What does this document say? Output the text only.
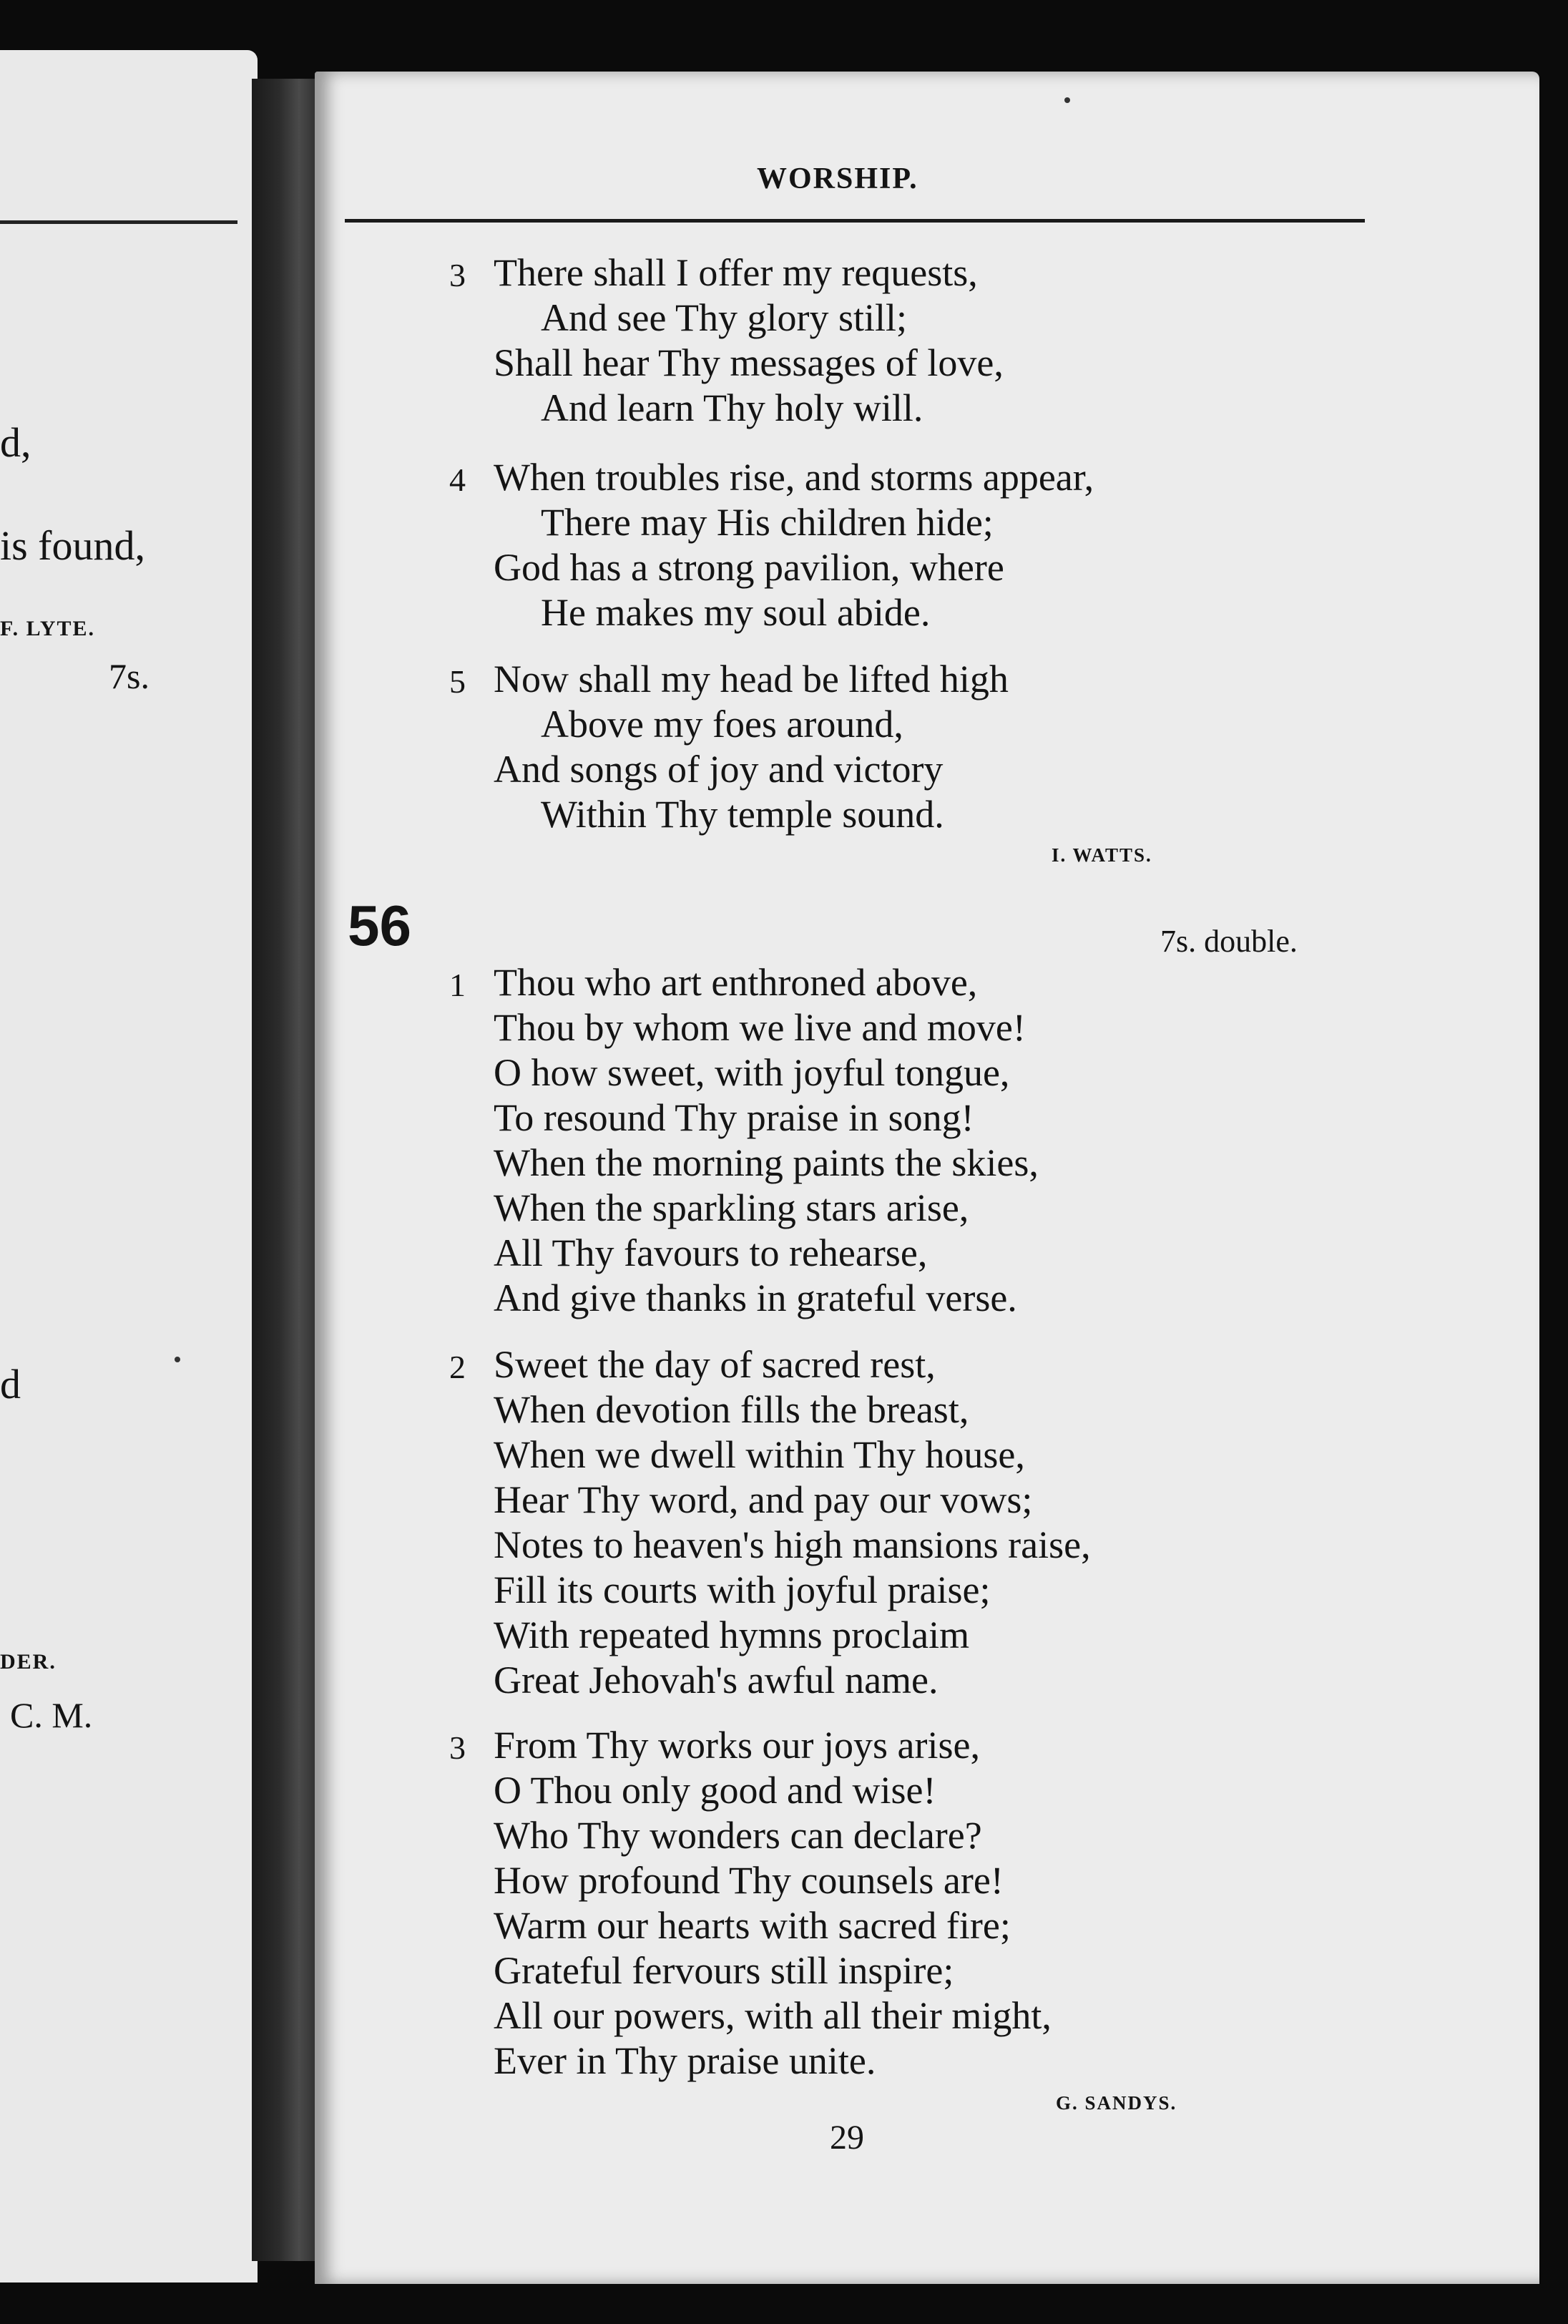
d,
is found,
F. LYTE.
7s.
d
DER.
C. M.
WORSHIP.
3 There shall I offer my requests,
And see Thy glory still;
Shall hear Thy messages of love,
And learn Thy holy will.
4 When troubles rise, and storms appear,
There may His children hide;
God has a strong pavilion, where
He makes my soul abide.
5 Now shall my head be lifted high
Above my foes around,
And songs of joy and victory
Within Thy temple sound.
I. WATTS.
56	7s. double.
1 Thou who art enthroned above,
Thou by whom we live and move!
O how sweet, with joyful tongue,
To resound Thy praise in song!
When the morning paints the skies,
When the sparkling stars arise,
All Thy favours to rehearse,
And give thanks in grateful verse.
2 Sweet the day of sacred rest,
When devotion fills the breast,
When we dwell within Thy house,
Hear Thy word, and pay our vows;
Notes to heaven's high mansions raise,
Fill its courts with joyful praise;
With repeated hymns proclaim
Great Jehovah's awful name.
3 From Thy works our joys arise,
O Thou only good and wise!
Who Thy wonders can declare?
How profound Thy counsels are!
Warm our hearts with sacred fire;
Grateful fervours still inspire;
All our powers, with all their might,
Ever in Thy praise unite.
G. SANDYS.
29
